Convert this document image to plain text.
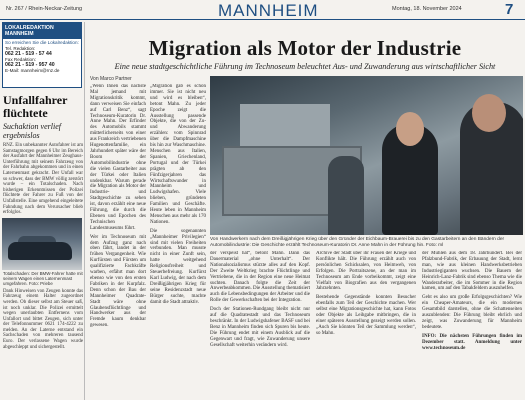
Nr. 267 / Rhein-Neckar-Zeitung	MANNHEIM	Montag, 18. November 2024	7
LOKALREDAKTION MANNHEIM
So erreichen Sie die Lokalredaktion:
Tel. Redaktion:
062 21 - 519 - 57 44
Fax Redaktion:
062 21 - 519 - 957 40
E-Mail: mannheim@rnz.de
Unfallfahrer flüchtete
Suchaktion verlief ergebnislos
RNZ. Ein unbekannter Autofahrer ist am Samstagmorgen gegen 6 Uhr im Bereich der Ausfahrt der Mannheimer Zeughaus-Unterführung mit seinem Fahrzeug von der Fahrbahn abgekommen und in einen Laternenmast gekracht. Der Unfall war so schwer, dass der BMW völlig zerstört wurde – ein Totalschaden. Nach bisherigen Erkenntnissen der Polizei flüchtete der Fahrer zu Fuß von der Unfallstelle. Eine umgehend eingeleitete Fahndung nach dem Verursacher blieb erfolglos.
Totalschaden: Der BMW-Fahrer hatte mit seinem Wagen einen Laternenmast umgefahren. Foto: Priebe
Dank Hinweisen von Zeugen konnte das Fahrzeug einem Halter zugeordnet werden. Ob dieser selbst am Steuer saß, ist noch unklar. Die Polizei ermittelt wegen unerlaubten Entfernens vom Unfallort und bittet Zeugen, sich unter der Telefonnummer 0621 174-4222 zu melden. An der Laterne entstand ein Sachschaden von mehreren tausend Euro. Der verlassene Wagen wurde abgeschleppt und sichergestellt.
Migration als Motor der Industrie
Eine neue stadtgeschichtliche Führung im Technoseum beleuchtet Aus- und Zuwanderung aus wirtschaftlicher Sicht
Von Marco Partner
„Wenn Ihnen das nächste Mal jemand mit Migrationskritik kommt, dann verweisen Sie einfach auf Carl Benz“, sagt Technoseum-Kuratorin Dr. Anne Mahn. Der Erfinder des Automobils stammt mütterlicherseits von einer aus Frankreich vertriebenen Hugenottenfamilie, ein Jahrhundert später wäre der Boom der Automobilindustrie ohne die vielen Gastarbeiter aus der Türkei oder Italien undenkbar. Warum gerade die Migration als Motor der Industrie- und Stadtgeschichte zu sehen ist, davon erzählt eine neue Führung, die durch die Ebenen und Epochen des Technischen Landesmuseums führt.
Wer im Technoseum mit dem Aufzug ganz nach oben fährt, landet in der frühen Vergangenheit. Wie Kurfürsten und Fürsten um qualifizierte Fachkräfte warben, erfährt man dort ebenso wie von den ersten Fabriken in der Kurpfalz. Denn schon der Bau der Mannheimer Quadrate-Stadt wäre ohne Glaubensflüchtlinge und Handwerker aus der Fremde kaum denkbar gewesen.
„Migration gab es schon immer. Sie ist nicht neu und wird es bleiben“, betont Mahn. Zu jeder Epoche zeigt die Ausstellung passende Objekte, die von der Zu- und Abwanderung erzählen: vom Spinnrad über die Dampfmaschine bis hin zur Waschmaschine. Menschen aus Italien, Spanien, Griechenland, Portugal und der Türkei prägten ab den Fünfzigerjahren das Wirtschaftswunder in Mannheim und Ludwigshafen. Viele blieben, gründeten Familien und Geschäfte. Heute leben in Mannheim Menschen aus mehr als 170 Nationen.
Die sogenannten „Mannheimer Privilegien“ sind mit vielen Freiheiten verbunden. Man musste nicht in einer Zunft sein, hatte weitgehend Religionsfreiheit und Steuerbefreiung. Kurfürst Karl Ludwig, der nach dem Dreißigjährigen Krieg für seine Residenzstadt neue Bürger suchte, machte damit die Stadt attraktiv.
Von Handwerkern nach dem Dreißigjährigen Krieg über den Gründer der Eichbaum-Brauerei bis zu den Gastarbeitern an den Bändern der Automobilindustrie: Die Geschichte erzählt Technoseum-Kuratorin Dr. Anne Mahn in der Führung hin. Foto: ml
der verspeist hat“, betont Mahn. Dann das Dauermaterial „ohne Unterhalt“. Der Nationalsozialismus stürzte alles auf den Kopf. Der Zweite Weltkrieg brachte Flüchtlinge und Vertriebene, die in der Region eine neue Heimat suchten. Danach folgte die Zeit der Anwerbeabkommen. Die Ausstellung thematisiert auch die Lebensbedingungen der Arbeiter und die Rolle der Gewerkschaften bei der Integration.
Doch der Stationen-Rundgang bleibt nicht nur auf die Quadratestadt und das Technoseum beschränkt. In der Ludwigshafener BASF und bei Benz in Mannheim finden sich Spuren bis heute. Die Führung endet mit einem Ausblick auf die Gegenwart und fragt, wie Zuwanderung unsere Gesellschaft weiterhin verändern wird.
Archive der Stadt über ihr Frauen der Kriege und Konflikte hält. Die Führung erzählt auch von persönlichen Schicksalen, von Heimweh, von Erfolgen. Die Portraitszene, an der man im Technoseum am Ende vorbeikommt, zeigt eine Vielfalt von Biografien aus den vergangenen Jahrzehnten.
Bestehende Gegenstände konnten Besucher ebenfalls zum Teil der Geschichte machen. Wer selbst eine Migrationsgeschichte hat, kann Fotos oder Objekte als Leihgabe mitbringen, die in einer späteren Ausstellung gezeigt werden sollen. „Auch Sie könnten Teil der Sammlung werden“, so Mahn.
der Mühlen aus dem 18. Jahrhundert. Bei der Pfalzbund-Fabrik, der Erbauung der Stadt, lernt man, wie aus kleinen Handwerksbetrieben Industriegiganten wuchsen. Die Bauern der Heinrich-Lanz-Fabrik sind ebenso Thema wie die Wanderarbeiter, die im Sommer in die Region kamen, um auf den Tabakfeldern auszuhelfen.
Geht es also um große Erfolgsgeschichten? Wie ein Cheaper-Amateurs, die ein modernes Gesamtbild darstellen, ohne die Schattenseiten auszublenden: Die Führung bleibt ehrlich und zeigt, was Zuwanderung für Mannheim bedeutete.
INFO: Die nächsten Führungen finden im Dezember statt. Anmeldung unter www.technoseum.de
